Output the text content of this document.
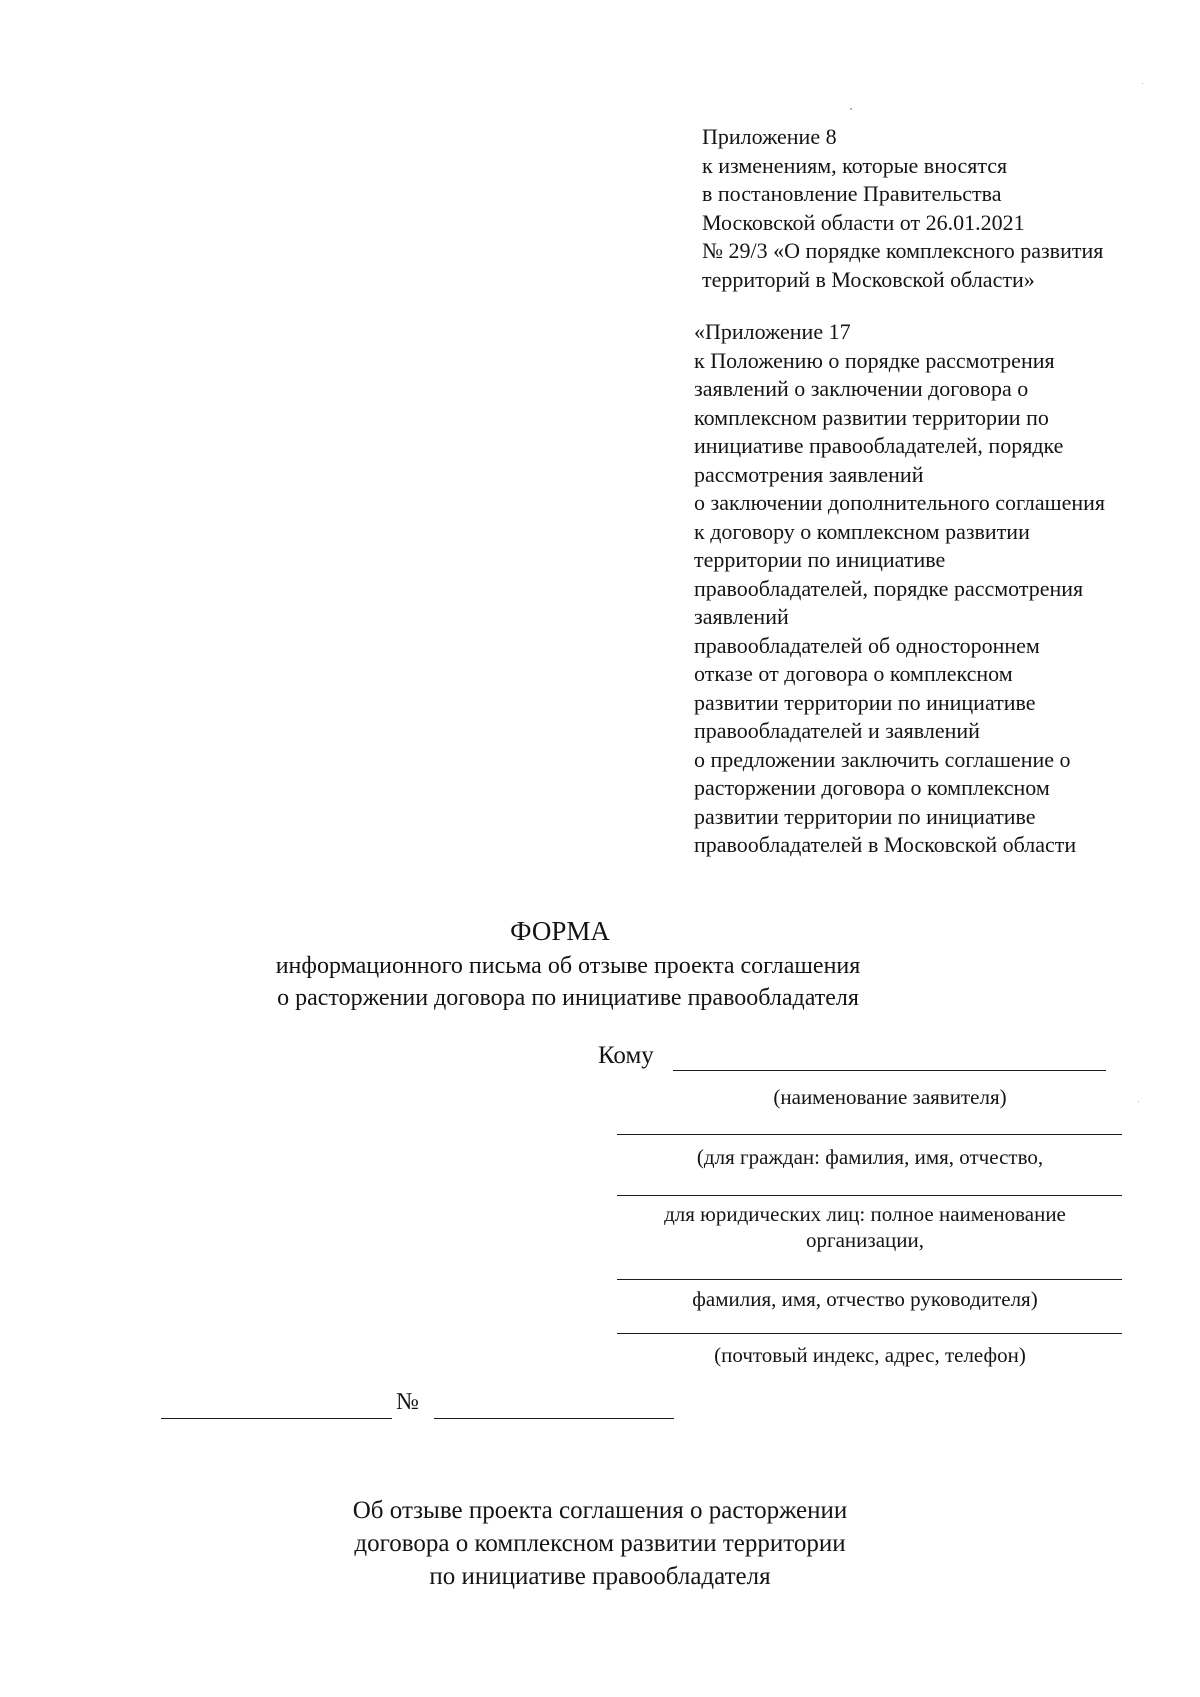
Приложение 8
к изменениям, которые вносятся
в постановление Правительства
Московской области от 26.01.2021
№ 29/3 «О порядке комплексного развития
территорий в Московской области»
«Приложение 17
к Положению о порядке рассмотрения
заявлений о заключении договора о
комплексном развитии территории по
инициативе правообладателей, порядке
рассмотрения заявлений
о заключении дополнительного соглашения
к договору о комплексном развитии
территории по инициативе
правообладателей, порядке рассмотрения
заявлений
правообладателей об одностороннем
отказе от договора о комплексном
развитии территории по инициативе
правообладателей и заявлений
о предложении заключить соглашение о
расторжении договора о комплексном
развитии территории по инициативе
правообладателей в Московской области
ФОРМА
информационного письма об отзыве проекта соглашения
о расторжении договора по инициативе правообладателя
Кому
(наименование заявителя)
(для граждан: фамилия, имя, отчество,
для юридических лиц: полное наименование
организации,
фамилия, имя, отчество руководителя)
(почтовый индекс, адрес, телефон)
№
Об отзыве проекта соглашения о расторжении
договора о комплексном развитии территории
по инициативе правообладателя
